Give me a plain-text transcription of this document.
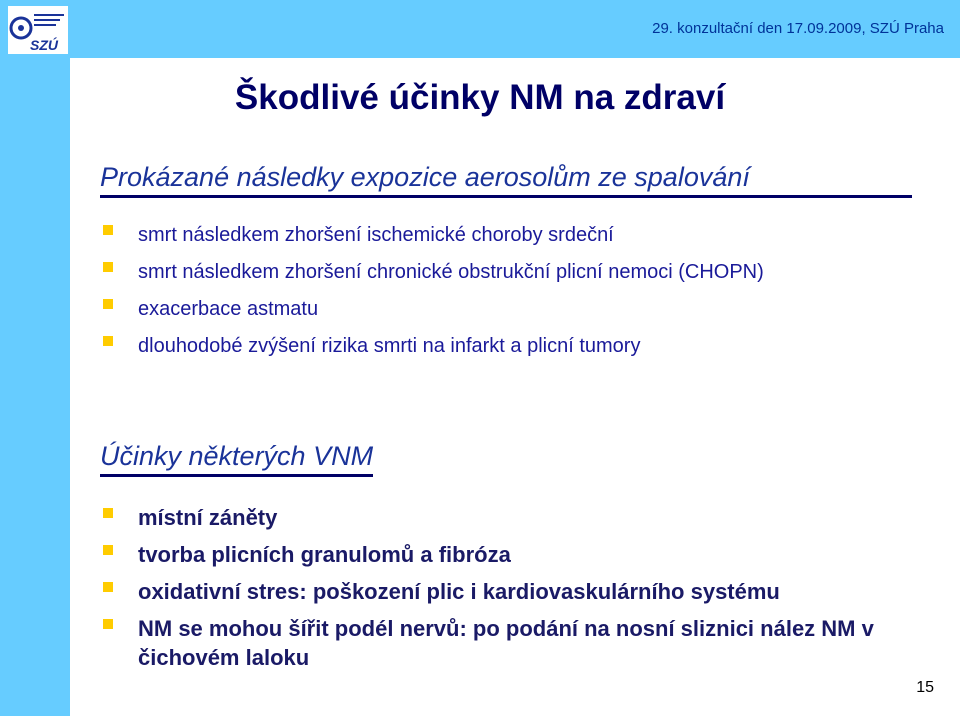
SZÚ
29. konzultační den 17.09.2009, SZÚ Praha
Škodlivé účinky NM na zdraví
Prokázané následky expozice aerosolům ze spalování
smrt následkem zhoršení ischemické choroby srdeční
smrt následkem zhoršení chronické obstrukční plicní nemoci (CHOPN)
exacerbace astmatu
dlouhodobé zvýšení rizika smrti na infarkt a plicní tumory
Účinky některých VNM
místní záněty
tvorba plicních granulomů a fibróza
oxidativní stres: poškození plic i kardiovaskulárního systému
NM se mohou šířit podél nervů: po podání na nosní sliznici nález NM v čichovém laloku
15
